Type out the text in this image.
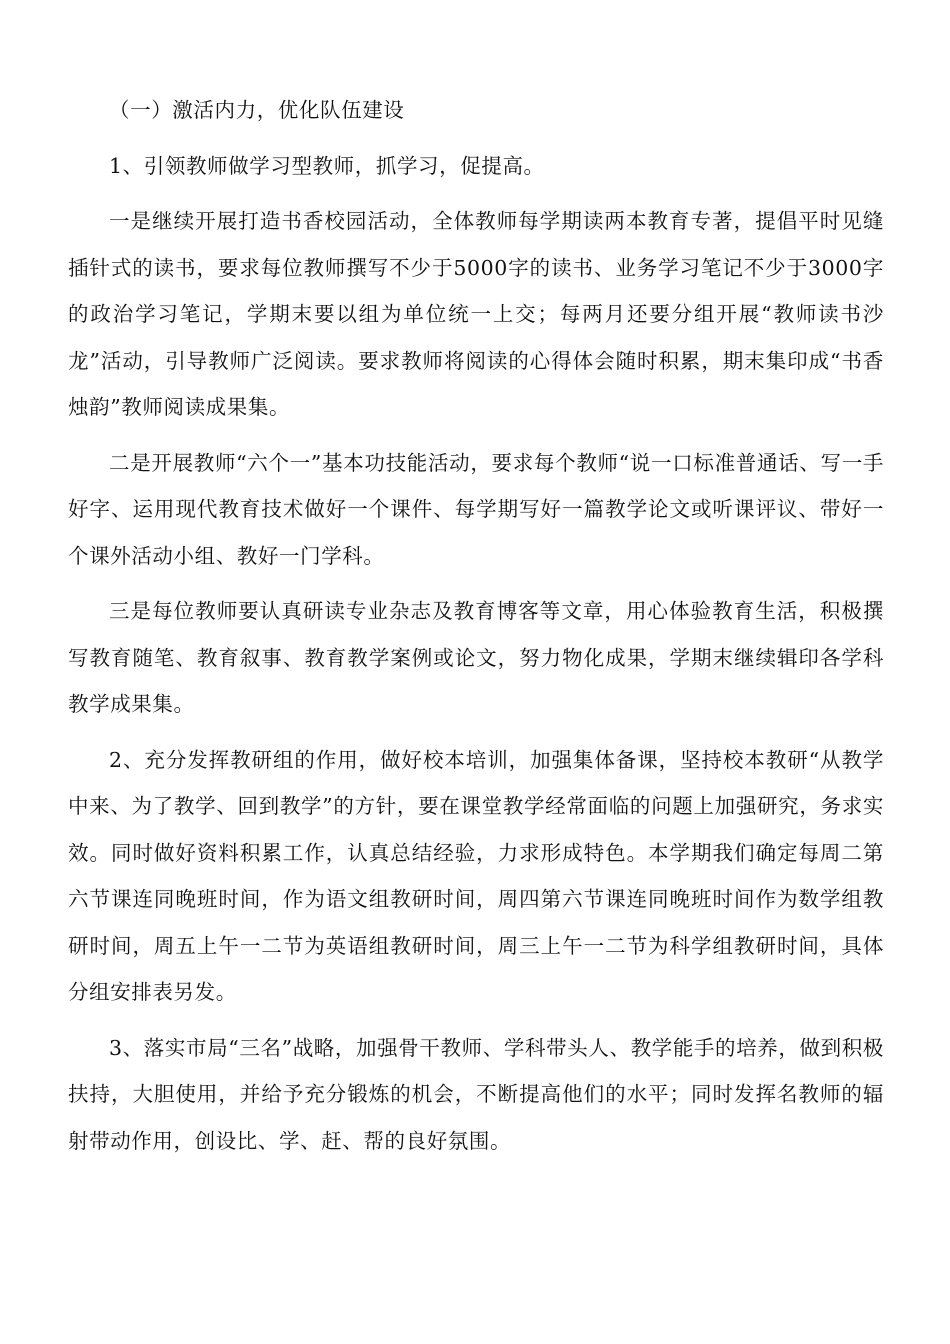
（一）激活内力，优化队伍建设

1、引领教师做学习型教师，抓学习，促提高。

一是继续开展打造书香校园活动，全体教师每学期读两本教育专著，提倡平时见缝插针式的读书，要求每位教师撰写不少于5000字的读书、业务学习笔记不少于3000字的政治学习笔记，学期末要以组为单位统一上交；每两月还要分组开展“教师读书沙龙”活动，引导教师广泛阅读。要求教师将阅读的心得体会随时积累，期末集印成“书香烛韵”教师阅读成果集。

二是开展教师“六个一”基本功技能活动，要求每个教师“说一口标准普通话、写一手好字、运用现代教育技术做好一个课件、每学期写好一篇教学论文或听课评议、带好一个课外活动小组、教好一门学科。

三是每位教师要认真研读专业杂志及教育博客等文章，用心体验教育生活，积极撰写教育随笔、教育叙事、教育教学案例或论文，努力物化成果，学期末继续辑印各学科教学成果集。

2、充分发挥教研组的作用，做好校本培训，加强集体备课，坚持校本教研“从教学中来、为了教学、回到教学”的方针，要在课堂教学经常面临的问题上加强研究，务求实效。同时做好资料积累工作，认真总结经验，力求形成特色。本学期我们确定每周二第六节课连同晚班时间，作为语文组教研时间，周四第六节课连同晚班时间作为数学组教研时间，周五上午一二节为英语组教研时间，周三上午一二节为科学组教研时间，具体分组安排表另发。

3、落实市局“三名”战略，加强骨干教师、学科带头人、教学能手的培养，做到积极扶持，大胆使用，并给予充分锻炼的机会，不断提高他们的水平；同时发挥名教师的辐射带动作用，创设比、学、赶、帮的良好氛围。
